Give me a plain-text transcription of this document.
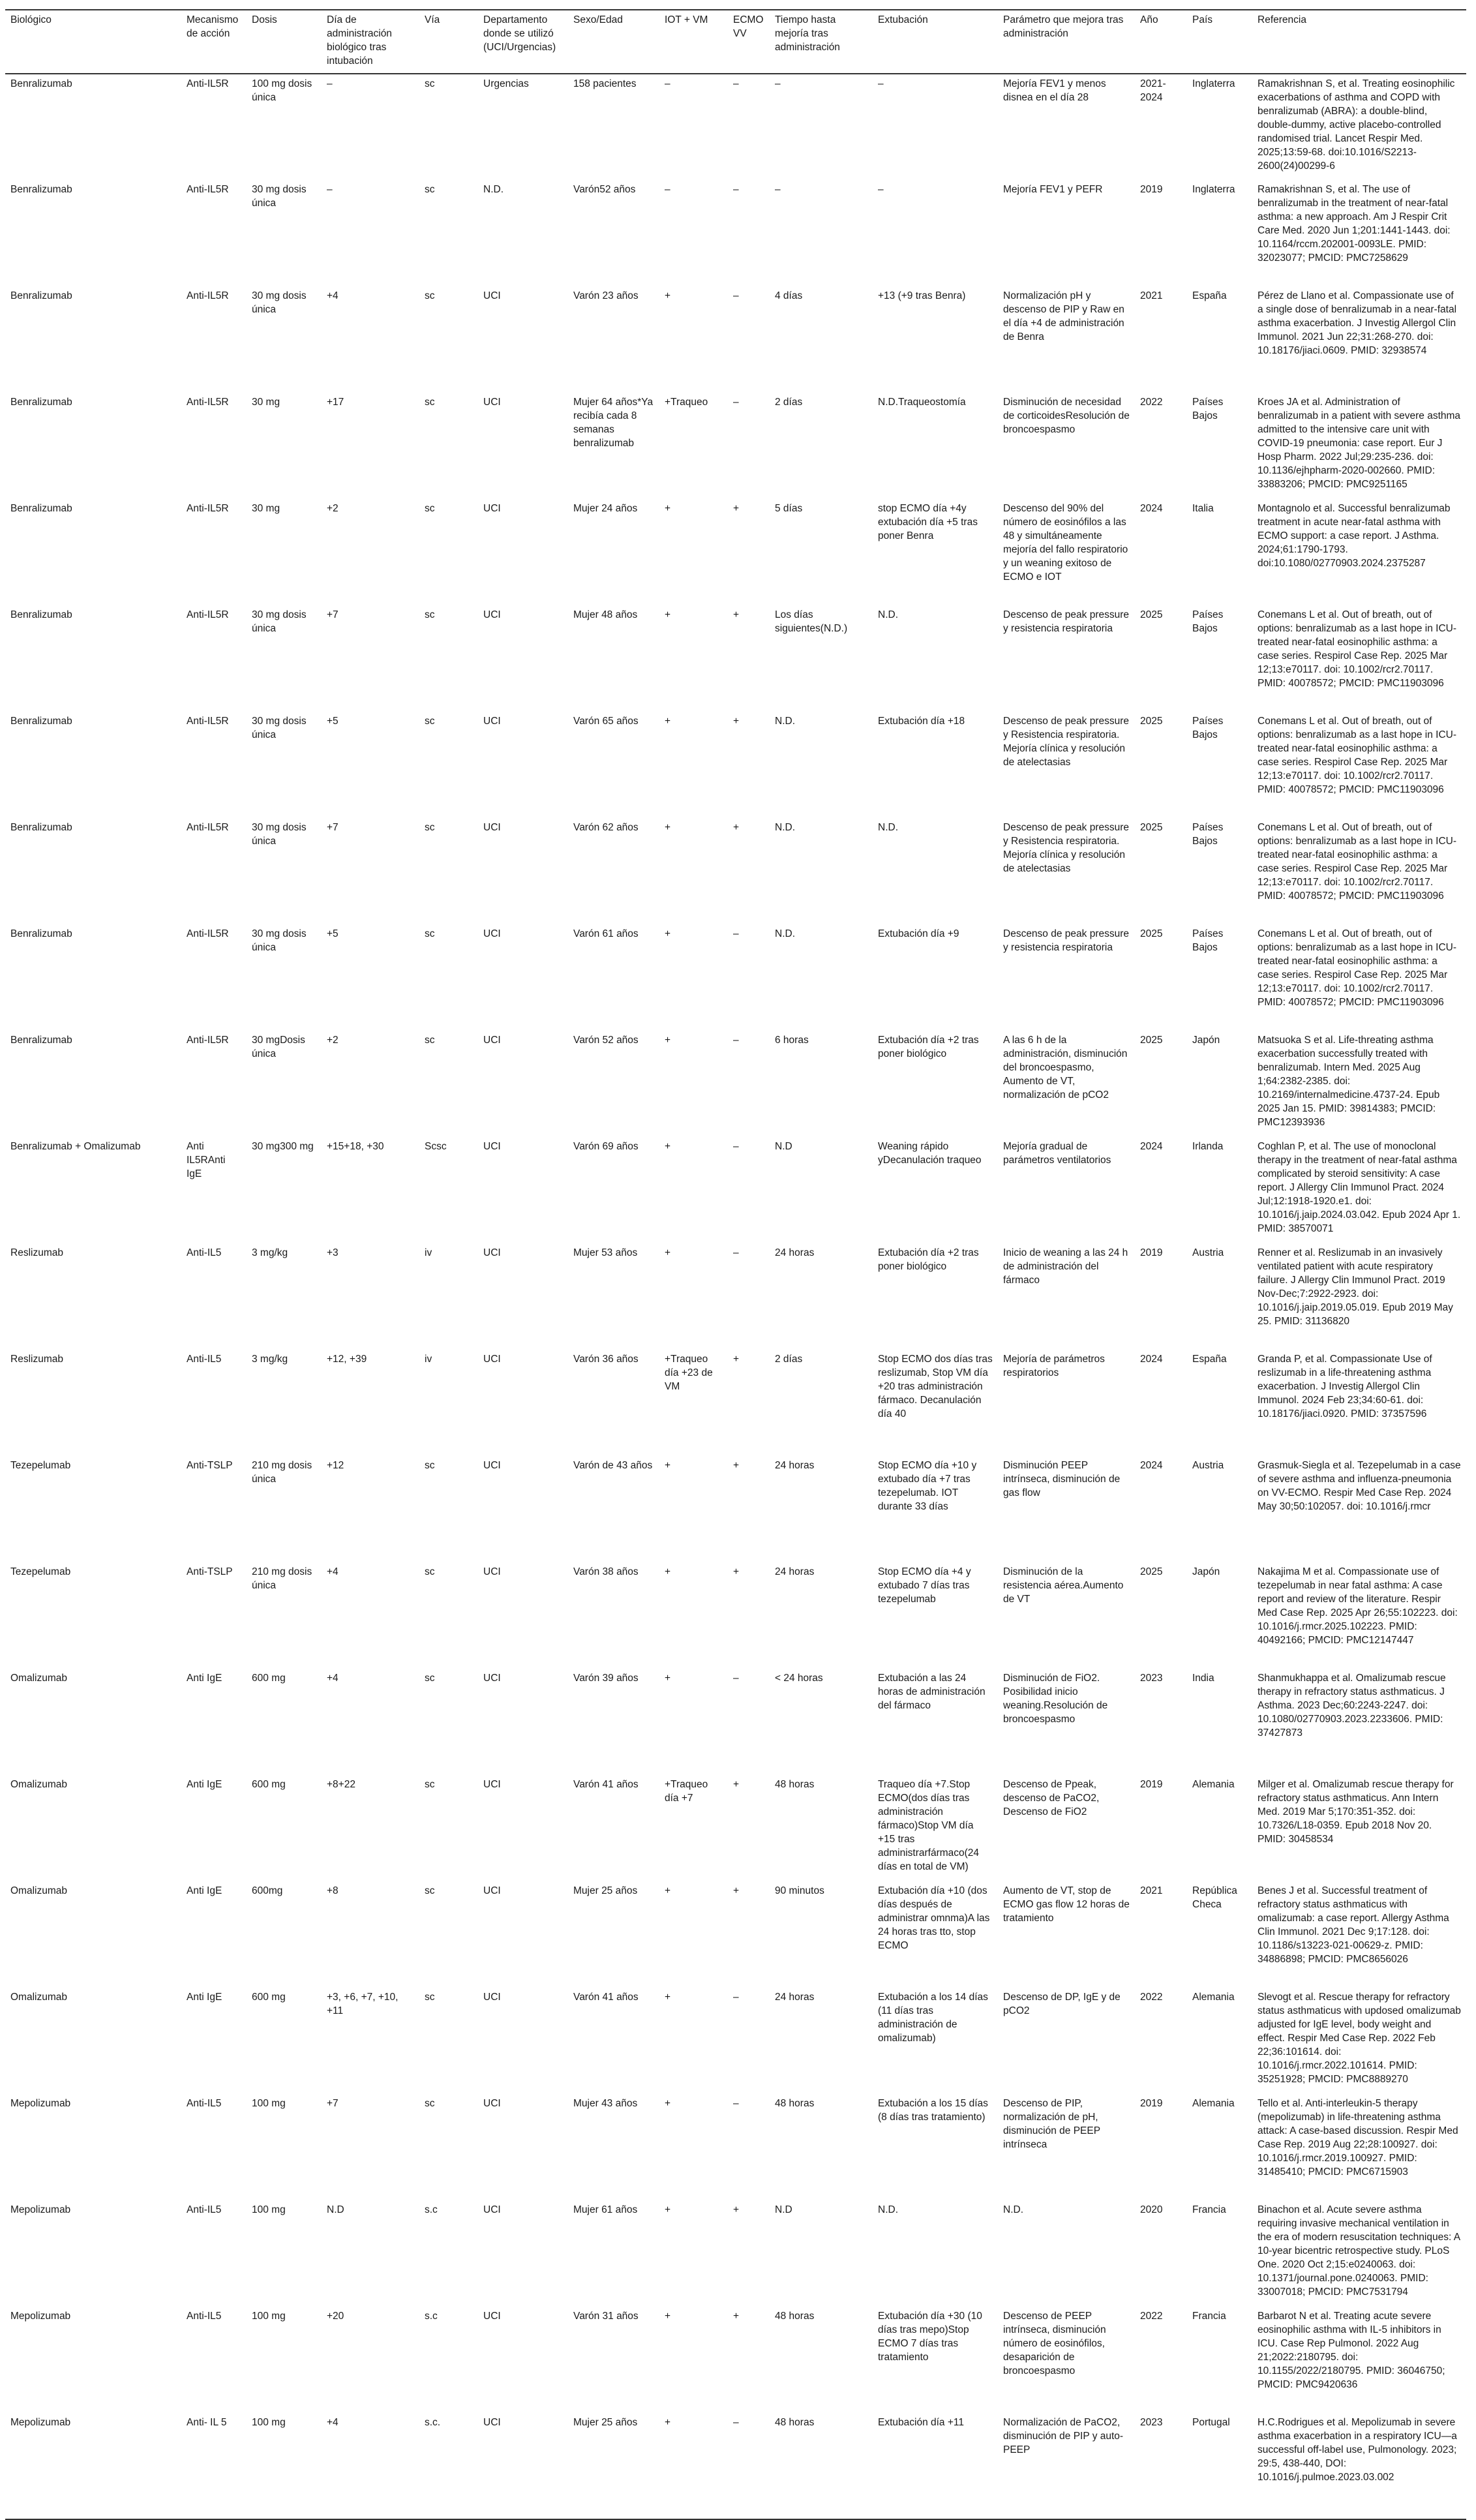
Biológico	Mecanismo de acción	Dosis	Día de administración biológico tras intubación	Vía	Departamento donde se utilizó (UCI/Urgencias)	Sexo/Edad	IOT + VM	ECMO VV	Tiempo hasta mejoría tras administración	Extubación	Parámetro que mejora tras administración	Año	País	Referencia
Benralizumab	Anti-IL5R	100 mg dosis única	–	sc	Urgencias	158 pacientes	–	–	–	–	Mejoría FEV1 y menos disnea en el día 28	2021-2024	Inglaterra	Ramakrishnan S, et al. Treating eosinophilic exacerbations of asthma and COPD with benralizumab (ABRA): a double-blind, double-dummy, active placebo-controlled randomised trial. Lancet Respir Med. 2025;13:59-68. doi:10.1016/S2213-2600(24)00299-6
Benralizumab	Anti-IL5R	30 mg dosis única	–	sc	N.D.	Varón52 años	–	–	–	–	Mejoría FEV1 y PEFR	2019	Inglaterra	Ramakrishnan S, et al. The use of benralizumab in the treatment of near-fatal asthma: a new approach. Am J Respir Crit Care Med. 2020 Jun 1;201:1441-1443. doi: 10.1164/rccm.202001-0093LE. PMID: 32023077; PMCID: PMC7258629
Benralizumab	Anti-IL5R	30 mg dosis única	+4	sc	UCI	Varón 23 años	+	–	4 días	+13 (+9 tras Benra)	Normalización pH y descenso de PIP y Raw en el día +4 de administración de Benra	2021	España	Pérez de Llano et al. Compassionate use of a single dose of benralizumab in a near-fatal asthma exacerbation. J Investig Allergol Clin Immunol. 2021 Jun 22;31:268-270. doi: 10.18176/jiaci.0609. PMID: 32938574
Benralizumab	Anti-IL5R	30 mg	+17	sc	UCI	Mujer 64 años*Ya recibía cada 8 semanas benralizumab	+Traqueo	–	2 días	N.D.Traqueostomía	Disminución de necesidad de corticoidesResolución de broncoespasmo	2022	Países Bajos	Kroes JA et al. Administration of benralizumab in a patient with severe asthma admitted to the intensive care unit with COVID-19 pneumonia: case report. Eur J Hosp Pharm. 2022 Jul;29:235-236. doi: 10.1136/ejhpharm-2020-002660. PMID: 33883206; PMCID: PMC9251165
Benralizumab	Anti-IL5R	30 mg	+2	sc	UCI	Mujer 24 años	+	+	5 días	stop ECMO día +4y extubación día +5 tras poner Benra	Descenso del 90% del número de eosinófilos a las 48 y simultáneamente mejoría del fallo respiratorio y un weaning exitoso de ECMO e IOT	2024	Italia	Montagnolo et al. Successful benralizumab treatment in acute near-fatal asthma with ECMO support: a case report. J Asthma. 2024;61:1790-1793. doi:10.1080/02770903.2024.2375287
Benralizumab	Anti-IL5R	30 mg dosis única	+7	sc	UCI	Mujer 48 años	+	+	Los días siguientes(N.D.)	N.D.	Descenso de peak pressure y resistencia respiratoria	2025	Países Bajos	Conemans L et al. Out of breath, out of options: benralizumab as a last hope in ICU-treated near-fatal eosinophilic asthma: a case series. Respirol Case Rep. 2025 Mar 12;13:e70117. doi: 10.1002/rcr2.70117. PMID: 40078572; PMCID: PMC11903096
Benralizumab	Anti-IL5R	30 mg dosis única	+5	sc	UCI	Varón 65 años	+	+	N.D.	Extubación día +18	Descenso de peak pressure y Resistencia respiratoria. Mejoría clínica y resolución de atelectasias	2025	Países Bajos	Conemans L et al. Out of breath, out of options: benralizumab as a last hope in ICU-treated near-fatal eosinophilic asthma: a case series. Respirol Case Rep. 2025 Mar 12;13:e70117. doi: 10.1002/rcr2.70117. PMID: 40078572; PMCID: PMC11903096
Benralizumab	Anti-IL5R	30 mg dosis única	+7	sc	UCI	Varón 62 años	+	+	N.D.	N.D.	Descenso de peak pressure y Resistencia respiratoria. Mejoría clínica y resolución de atelectasias	2025	Países Bajos	Conemans L et al. Out of breath, out of options: benralizumab as a last hope in ICU-treated near-fatal eosinophilic asthma: a case series. Respirol Case Rep. 2025 Mar 12;13:e70117. doi: 10.1002/rcr2.70117. PMID: 40078572; PMCID: PMC11903096
Benralizumab	Anti-IL5R	30 mg dosis única	+5	sc	UCI	Varón 61 años	+	–	N.D.	Extubación día +9	Descenso de peak pressure y resistencia respiratoria	2025	Países Bajos	Conemans L et al. Out of breath, out of options: benralizumab as a last hope in ICU-treated near-fatal eosinophilic asthma: a case series. Respirol Case Rep. 2025 Mar 12;13:e70117. doi: 10.1002/rcr2.70117. PMID: 40078572; PMCID: PMC11903096
Benralizumab	Anti-IL5R	30 mgDosis única	+2	sc	UCI	Varón 52 años	+	–	6 horas	Extubación día +2 tras poner biológico	A las 6 h de la administración, disminución del broncoespasmo, Aumento de VT, normalización de pCO2	2025	Japón	Matsuoka S et al. Life-threating asthma exacerbation successfully treated with benralizumab. Intern Med. 2025 Aug 1;64:2382-2385. doi: 10.2169/internalmedicine.4737-24. Epub 2025 Jan 15. PMID: 39814383; PMCID: PMC12393936
Benralizumab + Omalizumab	Anti IL5RAnti IgE	30 mg300 mg	+15+18, +30	Scsc	UCI	Varón 69 años	+	–	N.D	Weaning rápido yDecanulación traqueo	Mejoría gradual de parámetros ventilatorios	2024	Irlanda	Coghlan P, et al. The use of monoclonal therapy in the treatment of near-fatal asthma complicated by steroid sensitivity: A case report. J Allergy Clin Immunol Pract. 2024 Jul;12:1918-1920.e1. doi: 10.1016/j.jaip.2024.03.042. Epub 2024 Apr 1. PMID: 38570071
Reslizumab	Anti-IL5	3 mg/kg	+3	iv	UCI	Mujer 53 años	+	–	24 horas	Extubación día +2 tras poner biológico	Inicio de weaning a las 24 h de administración del fármaco	2019	Austria	Renner et al. Reslizumab in an invasively ventilated patient with acute respiratory failure. J Allergy Clin Immunol Pract. 2019 Nov-Dec;7:2922-2923. doi: 10.1016/j.jaip.2019.05.019. Epub 2019 May 25. PMID: 31136820
Reslizumab	Anti-IL5	3 mg/kg	+12, +39	iv	UCI	Varón 36 años	+Traqueo día +23 de VM	+	2 días	Stop ECMO dos días tras reslizumab, Stop VM día +20 tras administración fármaco. Decanulación día 40	Mejoría de parámetros respiratorios	2024	España	Granda P, et al. Compassionate Use of reslizumab in a life-threatening asthma exacerbation. J Investig Allergol Clin Immunol. 2024 Feb 23;34:60-61. doi: 10.18176/jiaci.0920. PMID: 37357596
Tezepelumab	Anti-TSLP	210 mg dosis única	+12	sc	UCI	Varón de 43 años	+	+	24 horas	Stop ECMO día +10 y extubado día +7 tras tezepelumab. IOT durante 33 días	Disminución PEEP intrínseca, disminución de gas flow	2024	Austria	Grasmuk-Siegla et al. Tezepelumab in a case of severe asthma and influenza-pneumonia on VV-ECMO. Respir Med Case Rep. 2024 May 30;50:102057. doi: 10.1016/j.rmcr
Tezepelumab	Anti-TSLP	210 mg dosis única	+4	sc	UCI	Varón 38 años	+	+	24 horas	Stop ECMO día +4 y extubado 7 días tras tezepelumab	Disminución de la resistencia aérea.Aumento de VT	2025	Japón	Nakajima M et al. Compassionate use of tezepelumab in near fatal asthma: A case report and review of the literature. Respir Med Case Rep. 2025 Apr 26;55:102223. doi: 10.1016/j.rmcr.2025.102223. PMID: 40492166; PMCID: PMC12147447
Omalizumab	Anti IgE	600 mg	+4	sc	UCI	Varón 39 años	+	–	< 24 horas	Extubación a las 24 horas de administración del fármaco	Disminución de FiO2. Posibilidad inicio weaning.Resolución de broncoespasmo	2023	India	Shanmukhappa et al. Omalizumab rescue therapy in refractory status asthmaticus. J Asthma. 2023 Dec;60:2243-2247. doi: 10.1080/02770903.2023.2233606. PMID: 37427873
Omalizumab	Anti IgE	600 mg	+8+22	sc	UCI	Varón 41 años	+Traqueo día +7	+	48 horas	Traqueo día +7.Stop ECMO(dos días tras administración fármaco)Stop VM día +15 tras administrarfármaco(24 días en total de VM)	Descenso de Ppeak, descenso de PaCO2, Descenso de FiO2	2019	Alemania	Milger et al. Omalizumab rescue therapy for refractory status asthmaticus. Ann Intern Med. 2019 Mar 5;170:351-352. doi: 10.7326/L18-0359. Epub 2018 Nov 20. PMID: 30458534
Omalizumab	Anti IgE	600mg	+8	sc	UCI	Mujer 25 años	+	+	90 minutos	Extubación día +10 (dos días después de administrar omnma)A las 24 horas tras tto, stop ECMO	Aumento de VT, stop de ECMO gas flow 12 horas de tratamiento	2021	República Checa	Benes J et al. Successful treatment of refractory status asthmaticus with omalizumab: a case report. Allergy Asthma Clin Immunol. 2021 Dec 9;17:128. doi: 10.1186/s13223-021-00629-z. PMID: 34886898; PMCID: PMC8656026
Omalizumab	Anti IgE	600 mg	+3, +6, +7, +10, +11	sc	UCI	Varón 41 años	+	–	24 horas	Extubación a los 14 días (11 días tras administración de omalizumab)	Descenso de DP, IgE y de pCO2	2022	Alemania	Slevogt et al. Rescue therapy for refractory status asthmaticus with updosed omalizumab adjusted for IgE level, body weight and effect. Respir Med Case Rep. 2022 Feb 22;36:101614. doi: 10.1016/j.rmcr.2022.101614. PMID: 35251928; PMCID: PMC8889270
Mepolizumab	Anti-IL5	100 mg	+7	sc	UCI	Mujer 43 años	+	–	48 horas	Extubación a los 15 días (8 días tras tratamiento)	Descenso de PIP, normalización de pH, disminución de PEEP intrínseca	2019	Alemania	Tello et al. Anti-interleukin-5 therapy (mepolizumab) in life-threatening asthma attack: A case-based discussion. Respir Med Case Rep. 2019 Aug 22;28:100927. doi: 10.1016/j.rmcr.2019.100927. PMID: 31485410; PMCID: PMC6715903
Mepolizumab	Anti-IL5	100 mg	N.D	s.c	UCI	Mujer 61 años	+	+	N.D	N.D.	N.D.	2020	Francia	Binachon et al. Acute severe asthma requiring invasive mechanical ventilation in the era of modern resuscitation techniques: A 10-year bicentric retrospective study. PLoS One. 2020 Oct 2;15:e0240063. doi: 10.1371/journal.pone.0240063. PMID: 33007018; PMCID: PMC7531794
Mepolizumab	Anti-IL5	100 mg	+20	s.c	UCI	Varón 31 años	+	+	48 horas	Extubación día +30 (10 días tras mepo)Stop ECMO 7 días tras tratamiento	Descenso de PEEP intrínseca, disminución número de eosinófilos, desaparición de broncoespasmo	2022	Francia	Barbarot N et al. Treating acute severe eosinophilic asthma with IL-5 inhibitors in ICU. Case Rep Pulmonol. 2022 Aug 21;2022:2180795. doi: 10.1155/2022/2180795. PMID: 36046750; PMCID: PMC9420636
Mepolizumab	Anti- IL 5	100 mg	+4	s.c.	UCI	Mujer 25 años	+	–	48 horas	Extubación día +11	Normalización de PaCO2, disminución de PIP y auto-PEEP	2023	Portugal	H.C.Rodrigues et al. Mepolizumab in severe asthma exacerbation in a respiratory ICU—a successful off-label use, Pulmonology. 2023; 29:5, 438-440, DOI: 10.1016/j.pulmoe.2023.03.002
